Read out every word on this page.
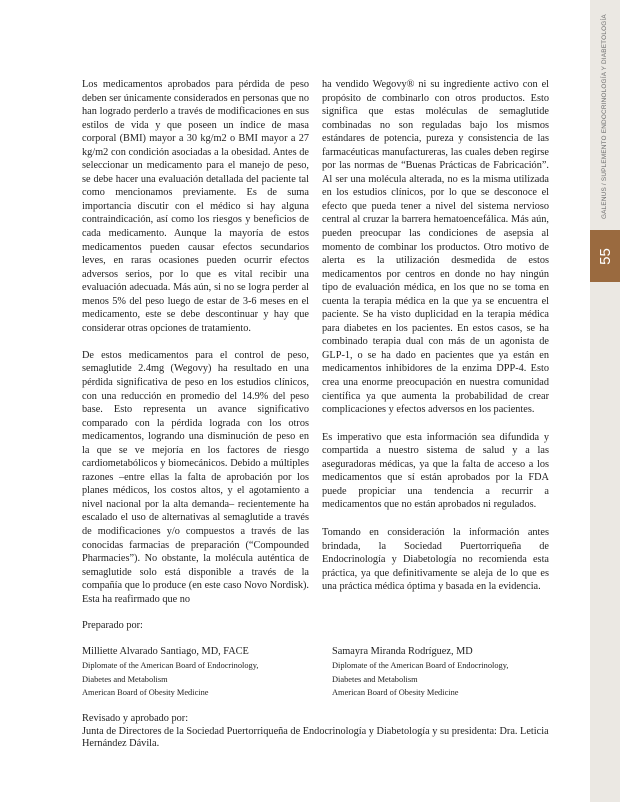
GALENUS / SUPLEMENTO ENDOCRINOLOGÍA Y DIABETOLOGÍA
55

Los medicamentos aprobados para pérdida de peso deben ser únicamente considerados en personas que no han logrado perderlo a través de modificaciones en sus estilos de vida y que poseen un índice de masa corporal (BMI) mayor a 30 kg/m2 o BMI mayor a 27 kg/m2 con condición asociadas a la obesidad. Antes de seleccionar un medicamento para el manejo de peso, se debe hacer una evaluación detallada del paciente tal como mencionamos previamente. Es de suma importancia discutir con el médico si hay alguna contraindicación, así como los riesgos y beneficios de cada medicamento. Aunque la mayoría de estos medicamentos pueden causar efectos secundarios leves, en raras ocasiones pueden ocurrir efectos adversos serios, por lo que es vital recibir una evaluación adecuada. Más aún, si no se logra perder al menos 5% del peso luego de estar de 3-6 meses en el medicamento, este se debe descontinuar y hay que considerar otras opciones de tratamiento.

De estos medicamentos para el control de peso, semaglutide 2.4mg (Wegovy) ha resultado en una pérdida significativa de peso en los estudios clínicos, con una reducción en promedio del 14.9% del peso base. Esto representa un avance significativo comparado con la pérdida lograda con los otros medicamentos, logrando una disminución de peso en la que se ve mejoría en los factores de riesgo cardiometabólicos y biomecánicos. Debido a múltiples razones –entre ellas la falta de aprobación por los planes médicos, los costos altos, y el agotamiento a nivel nacional por la alta demanda– recientemente ha escalado el uso de alternativas al semaglutide a través de modificaciones y/o compuestos a través de las conocidas farmacias de preparación (“Compounded Pharmacies”). No obstante, la molécula auténtica de semaglutide solo está disponible a través de la compañía que lo produce (en este caso Novo Nordisk). Esta ha reafirmado que no

ha vendido Wegovy® ni su ingrediente activo con el propósito de combinarlo con otros productos. Esto significa que estas moléculas de semaglutide combinadas no son reguladas bajo los mismos estándares de potencia, pureza y consistencia de las farmacéuticas manufactureras, las cuales deben regirse por las normas de “Buenas Prácticas de Fabricación”. Al ser una molécula alterada, no es la misma utilizada en los estudios clínicos, por lo que se desconoce el efecto que pueda tener a nivel del sistema nervioso central al cruzar la barrera hematoencefálica. Más aún, pueden preocupar las condiciones de asepsia al momento de combinar los productos. Otro motivo de alerta es la utilización desmedida de estos medicamentos por centros en donde no hay ningún tipo de evaluación médica, en los que no se toma en cuenta la terapia médica en la que ya se encuentra el paciente. Se ha visto duplicidad en la terapia médica para diabetes en los pacientes. En estos casos, se ha combinado terapia dual con más de un agonista de GLP-1, o se ha dado en pacientes que ya están en medicamentos inhibidores de la enzima DPP-4. Esto crea una enorme preocupación en nuestra comunidad científica ya que aumenta la probabilidad de crear complicaciones y efectos adversos en los pacientes.

Es imperativo que esta información sea difundida y compartida a nuestro sistema de salud y a las aseguradoras médicas, ya que la falta de acceso a los medicamentos que sí están aprobados por la FDA puede propiciar una tendencia a recurrir a medicamentos que no están aprobados ni regulados.

Tomando en consideración la información antes brindada, la Sociedad Puertorriqueña de Endocrinología y Diabetología no recomienda esta práctica, ya que definitivamente se aleja de lo que es una práctica médica óptima y basada en la evidencia.

Preparado por:
Milliette Alvarado Santiago, MD, FACE
Diplomate of the American Board of Endocrinology,
Diabetes and Metabolism
American Board of Obesity Medicine
Samayra Miranda Rodríguez, MD
Diplomate of the American Board of Endocrinology,
Diabetes and Metabolism
American Board of Obesity Medicine
Revisado y aprobado por:
Junta de Directores de la Sociedad Puertorriqueña de Endocrinología y Diabetología y su presidenta: Dra. Leticia Hernández Dávila.
